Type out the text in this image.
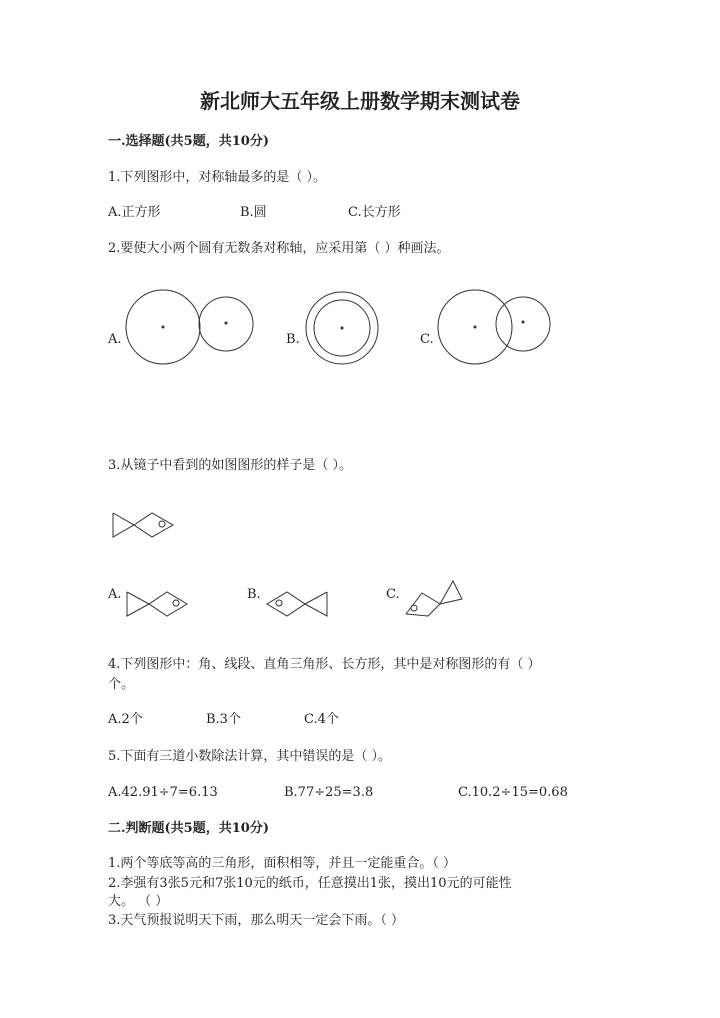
新北师大五年级上册数学期末测试卷
一.选择题(共5题，共10分)
1.下列图形中，对称轴最多的是（ ）。
A.正方形	B.圆	C.长方形
2.要使大小两个圆有无数条对称轴，应采用第（ ）种画法。
A.	B.	C.
3.从镜子中看到的如图图形的样子是（ ）。
A.	B.	C.
4.下列图形中：角、线段、直角三角形、长方形，其中是对称图形的有（ ）
个。
A.2个	B.3个	C.4个
5.下面有三道小数除法计算，其中错误的是（ ）。
A.42.91÷7=6.13	B.77÷25=3.8	C.10.2÷15=0.68
二.判断题(共5题，共10分)
1.两个等底等高的三角形，面积相等，并且一定能重合。（ ）
2.李强有3张5元和7张10元的纸币，任意摸出1张，摸出10元的可能性
大。 （ ）
3.天气预报说明天下雨，那么明天一定会下雨。（ ）
